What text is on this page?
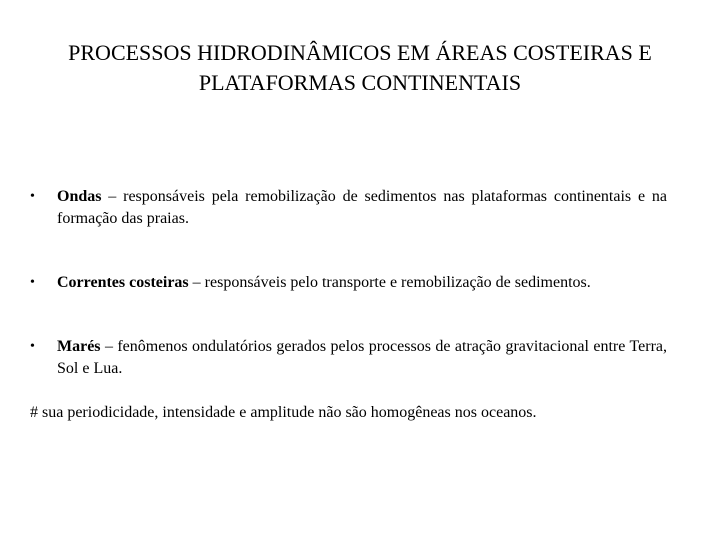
PROCESSOS HIDRODINÂMICOS EM ÁREAS COSTEIRAS E
PLATAFORMAS CONTINENTAIS
• Ondas – responsáveis pela remobilização de sedimentos nas plataformas continentais e na formação das praias.
• Correntes costeiras – responsáveis pelo transporte e remobilização de sedimentos.
• Marés – fenômenos ondulatórios gerados pelos processos de atração gravitacional entre Terra, Sol e Lua.

# sua periodicidade, intensidade e amplitude não são homogêneas nos oceanos.
